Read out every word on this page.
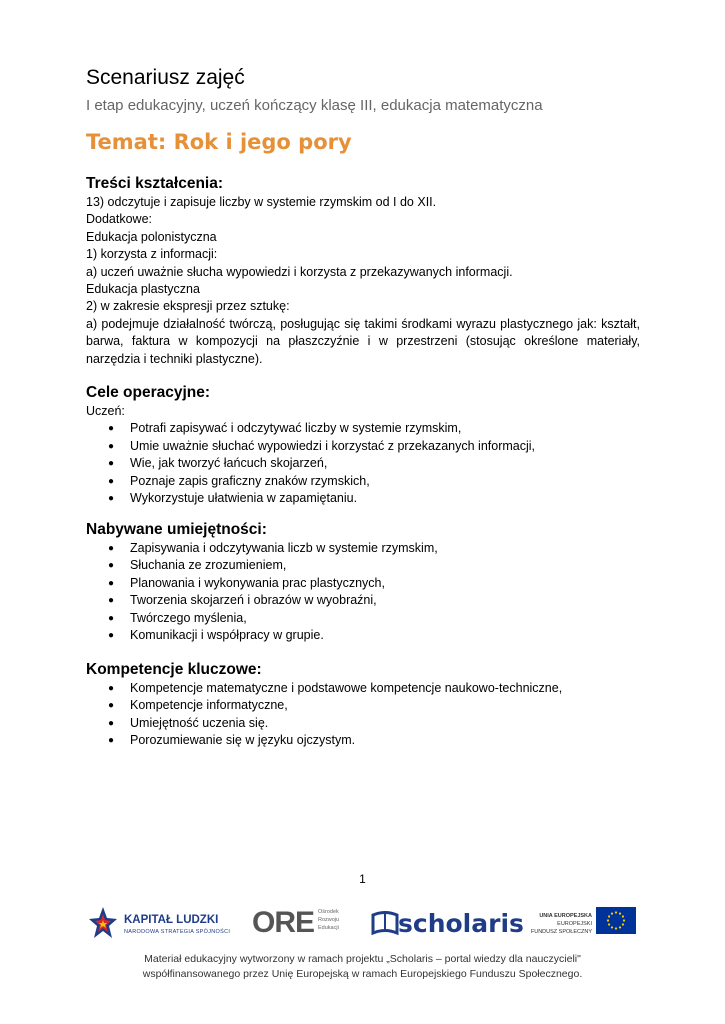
Scenariusz zajęć
I etap edukacyjny, uczeń kończący klasę III, edukacja matematyczna
Temat: Rok i jego pory
Treści kształcenia:

13) odczytuje i zapisuje liczby w systemie rzymskim od I do XII.

Dodatkowe:

Edukacja polonistyczna

1) korzysta z informacji:

a) uczeń uważnie słucha wypowiedzi i korzysta z przekazywanych informacji.

Edukacja plastyczna

2) w zakresie ekspresji przez sztukę:

a) podejmuje działalność twórczą, posługując się takimi środkami wyrazu plastycznego jak: kształt, barwa, faktura w kompozycji na płaszczyźnie i w przestrzeni (stosując określone materiały, narzędzia i techniki plastyczne).

Cele operacyjne:

Uczeń:

● Potrafi zapisywać i odczytywać liczby w systemie rzymskim,
● Umie uważnie słuchać wypowiedzi i korzystać z przekazanych informacji,
● Wie, jak tworzyć łańcuch skojarzeń,
● Poznaje zapis graficzny znaków rzymskich,
● Wykorzystuje ułatwienia w zapamiętaniu.
Nabywane umiejętności:
● Zapisywania i odczytywania liczb w systemie rzymskim,
● Słuchania ze zrozumieniem,
● Planowania i wykonywania prac plastycznych,
● Tworzenia skojarzeń i obrazów w wyobraźni,
● Twórczego myślenia,
● Komunikacji i współpracy w grupie.
Kompetencje kluczowe:
● Kompetencje matematyczne i podstawowe kompetencje naukowo-techniczne,
● Kompetencje informatyczne,
● Umiejętność uczenia się.
● Porozumiewanie się w języku ojczystym.
1
KAPITAŁ LUDZKI
NARODOWA STRATEGIA SPÓJNOŚCI ORE Ośrodek
Rozwoju
Edukacji scholaris	UNIA EUROPEJSKA
EUROPEJSKI
FUNDUSZ SPOŁECZNY
Materiał edukacyjny wytworzony w ramach projektu „Scholaris – portal wiedzy dla nauczycieli"
współfinansowanego przez Unię Europejską w ramach Europejskiego Funduszu Społecznego.
